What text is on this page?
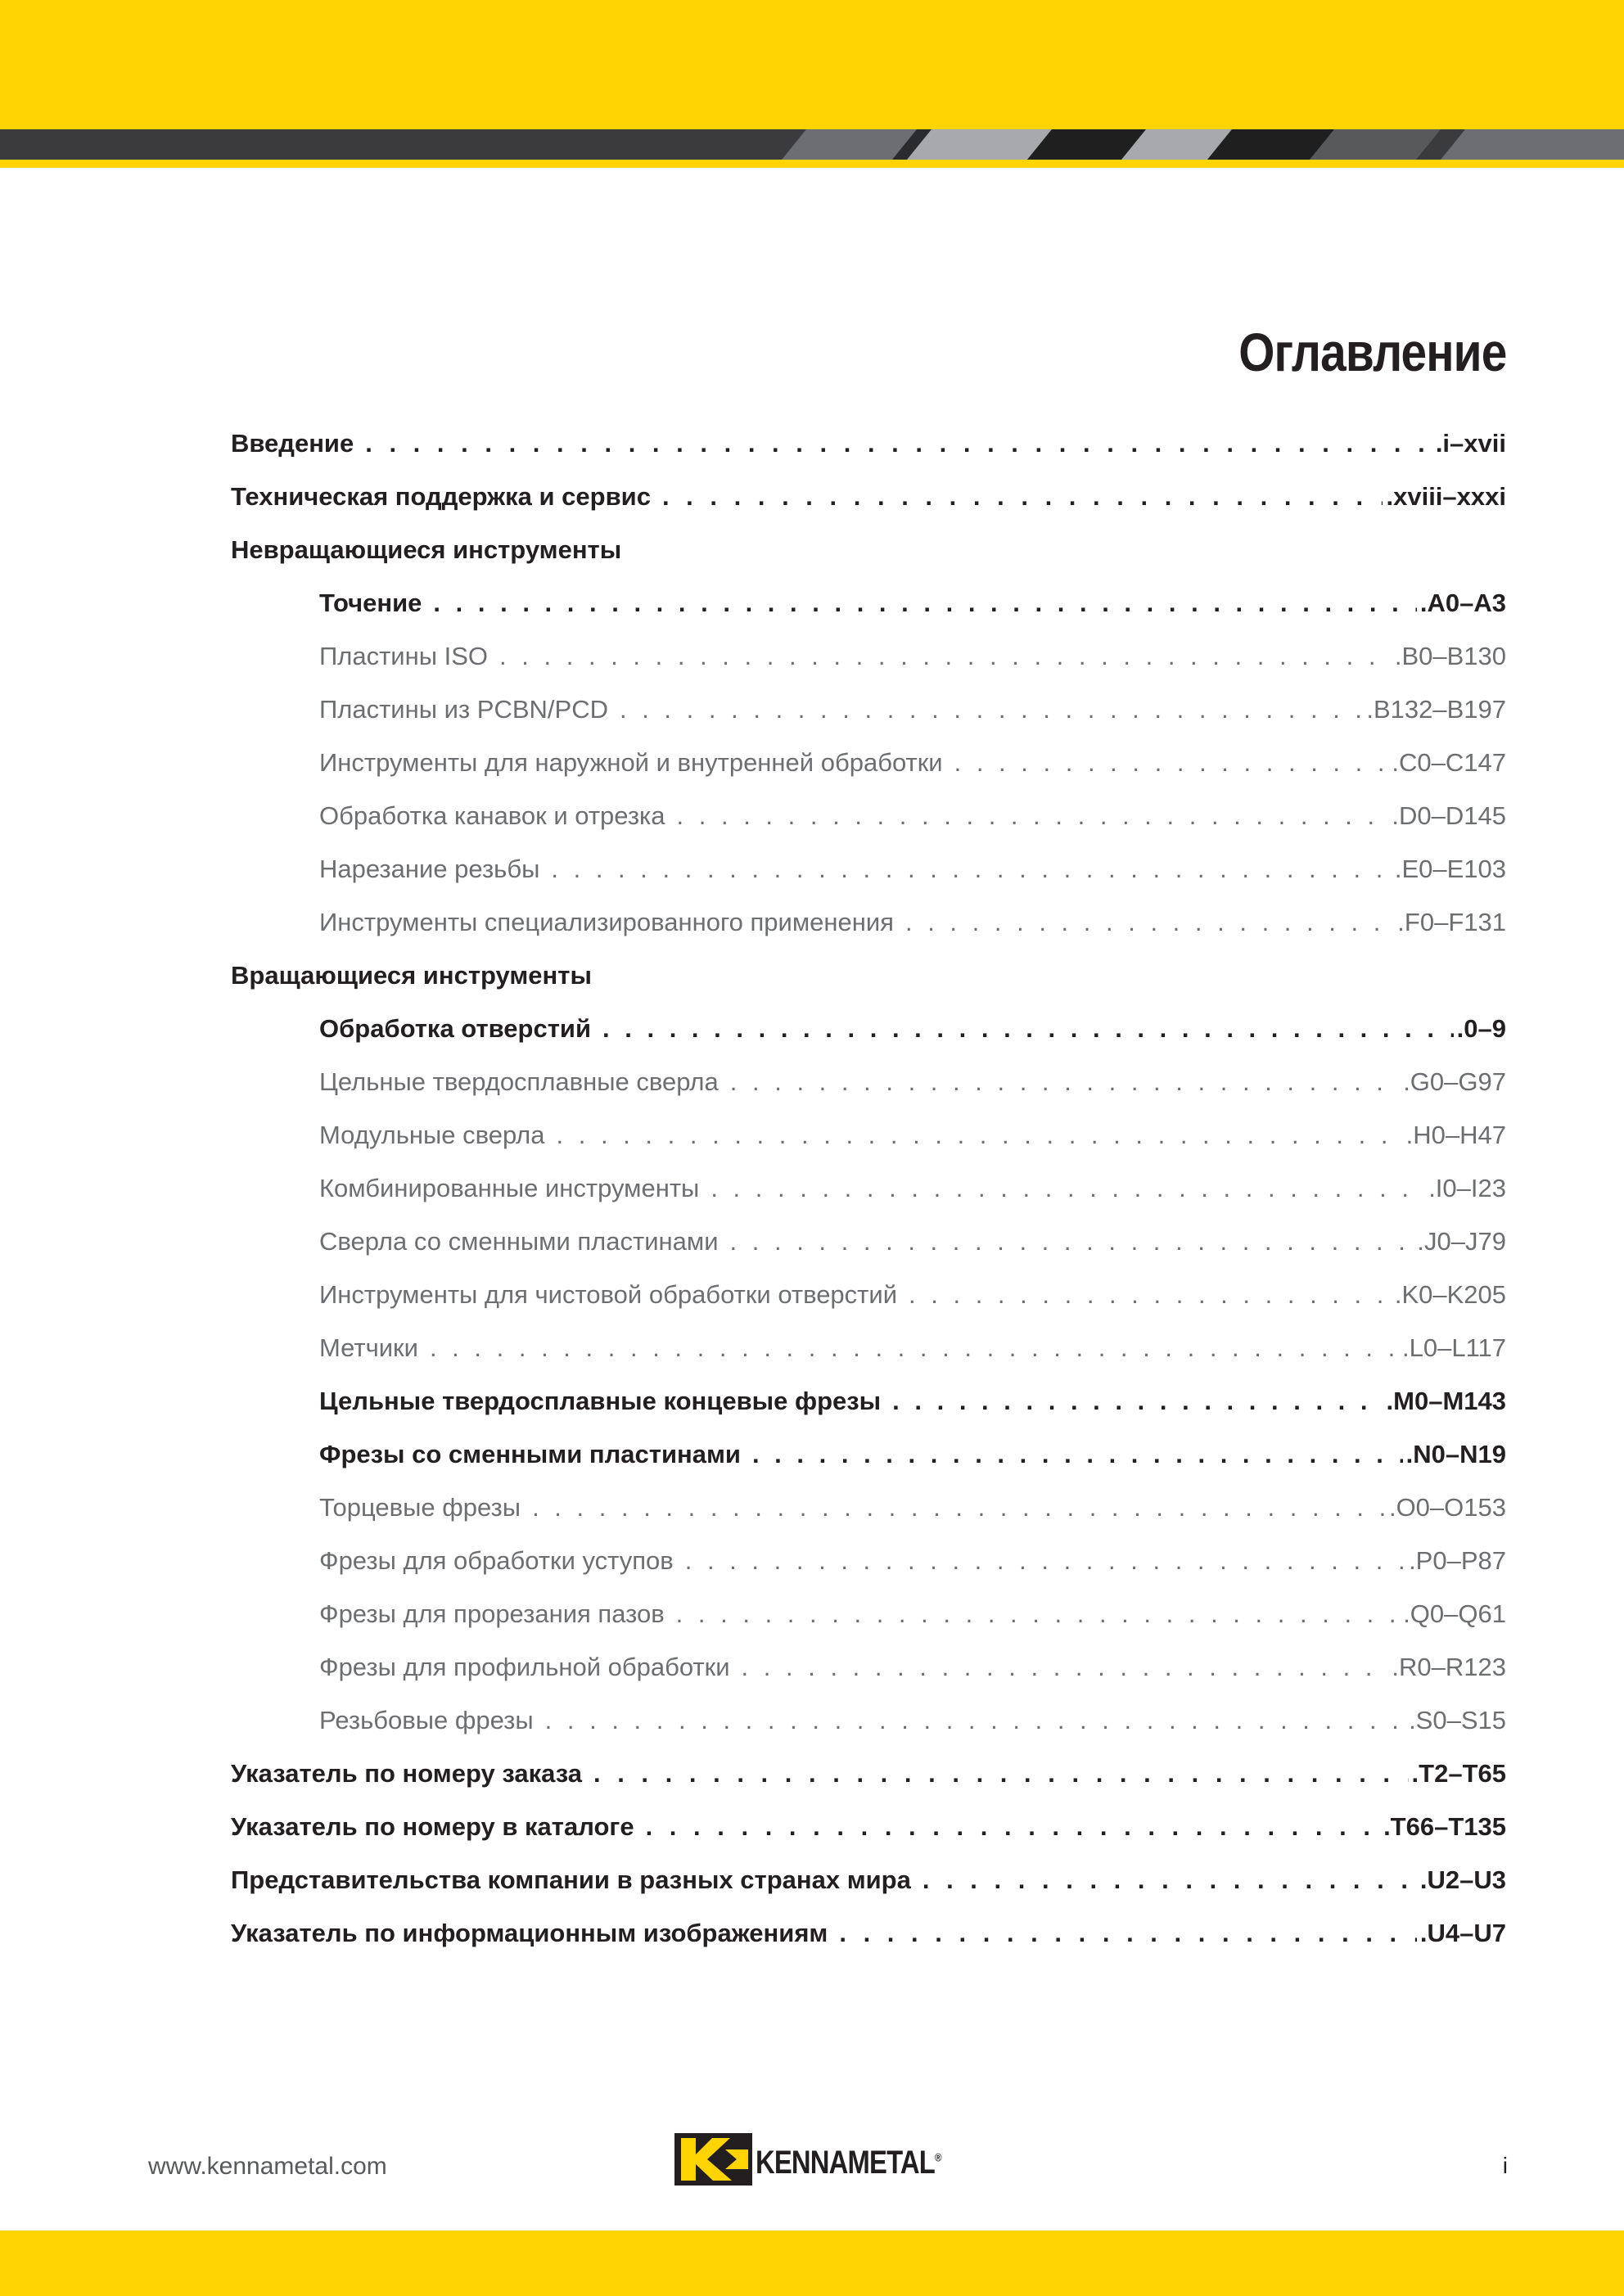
Оглавление
Введение . . .	.i–xvii
Техническая поддержка и сервис . . .	.xviii–xxxi
Невращающиеся инструменты
Точение . . .	.A0–A3
Пластины ISO . . .	.B0–B130
Пластины из PCBN/PCD . . .	.B132–B197
Инструменты для наружной и внутренней обработки . . .	.C0–C147
Обработка канавок и отрезка . . .	.D0–D145
Нарезание резьбы . . .	.E0–E103
Инструменты специализированного применения . . .	.F0–F131
Вращающиеся инструменты
Обработка отверстий . . .	.0–9
Цельные твердосплавные сверла . . .	.G0–G97
Модульные сверла . . .	.H0–H47
Комбинированные инструменты . . .	.I0–I23
Сверла со сменными пластинами . . .	.J0–J79
Инструменты для чистовой обработки отверстий . . .	.K0–K205
Метчики . . .	.L0–L117
Цельные твердосплавные концевые фрезы . . .	.M0–M143
Фрезы со сменными пластинами . . .	.N0–N19
Торцевые фрезы . . .	.O0–O153
Фрезы для обработки уступов . . .	.P0–P87
Фрезы для прорезания пазов . . .	.Q0–Q61
Фрезы для профильной обработки . . .	.R0–R123
Резьбовые фрезы . . .	.S0–S15
Указатель по номеру заказа . . .	.T2–T65
Указатель по номеру в каталоге . . .	.T66–T135
Представительства компании в разных странах мира . . .	.U2–U3
Указатель по информационным изображениям . . .	.U4–U7
www.kennametal.com	KENNAMETAL®	i
